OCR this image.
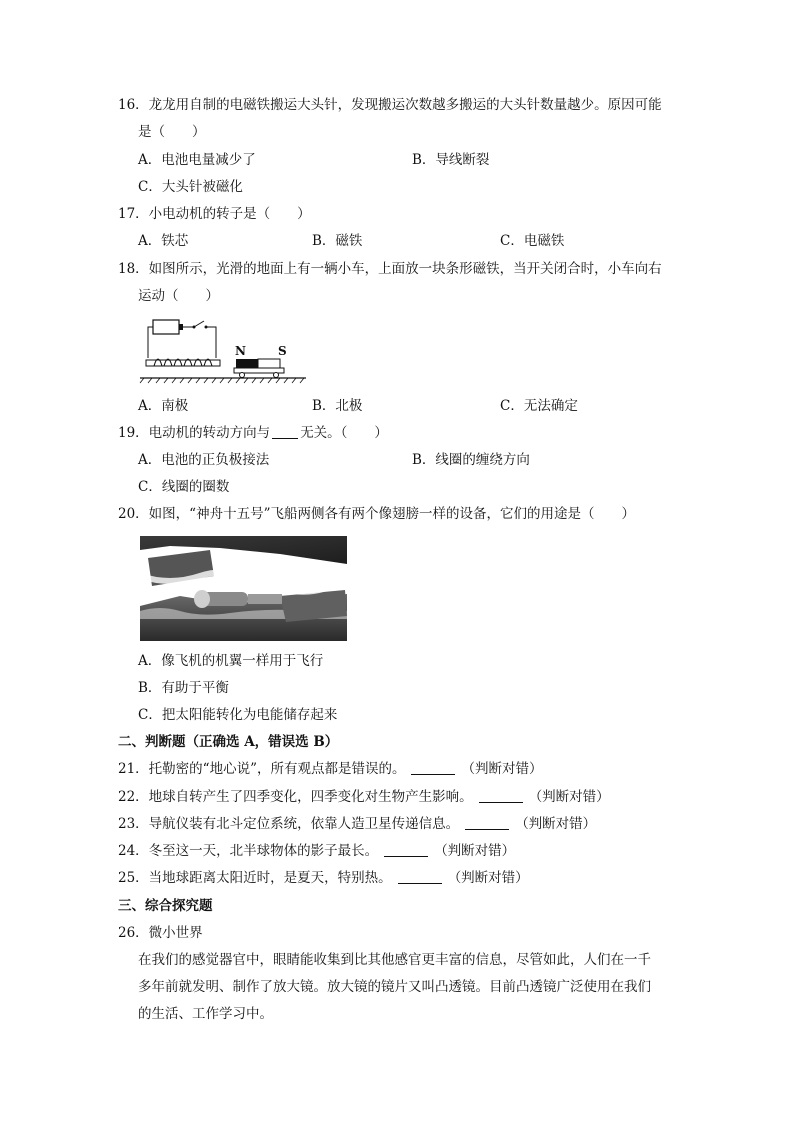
16．龙龙用自制的电磁铁搬运大头针，发现搬运次数越多搬运的大头针数量越少。原因可能
是（　　）
A．电池电量减少了	B．导线断裂
C．大头针被磁化
17．小电动机的转子是（　　）
A．铁芯	B．磁铁	C．电磁铁
18．如图所示，光滑的地面上有一辆小车，上面放一块条形磁铁，当开关闭合时，小车向右
运动（　　）
N	S
A．南极	B．北极	C．无法确定
19．电动机的转动方向与 无关。（　　）
A．电池的正负极接法	B．线圈的缠绕方向
C．线圈的圈数
20．如图，“神舟十五号”飞船两侧各有两个像翅膀一样的设备，它们的用途是（　　）
A．像飞机的机翼一样用于飞行
B．有助于平衡
C．把太阳能转化为电能储存起来
二、判断题（正确选 A，错误选 B）
21．托勒密的“地心说”，所有观点都是错误的。	（判断对错）
22．地球自转产生了四季变化，四季变化对生物产生影响。	（判断对错）
23．导航仪装有北斗定位系统，依靠人造卫星传递信息。	（判断对错）
24．冬至这一天，北半球物体的影子最长。	（判断对错）
25．当地球距离太阳近时，是夏天，特别热。	（判断对错）
三、综合探究题
26．微小世界
在我们的感觉器官中，眼睛能收集到比其他感官更丰富的信息，尽管如此，人们在一千
多年前就发明、制作了放大镜。放大镜的镜片又叫凸透镜。目前凸透镜广泛使用在我们
的生活、工作学习中。
